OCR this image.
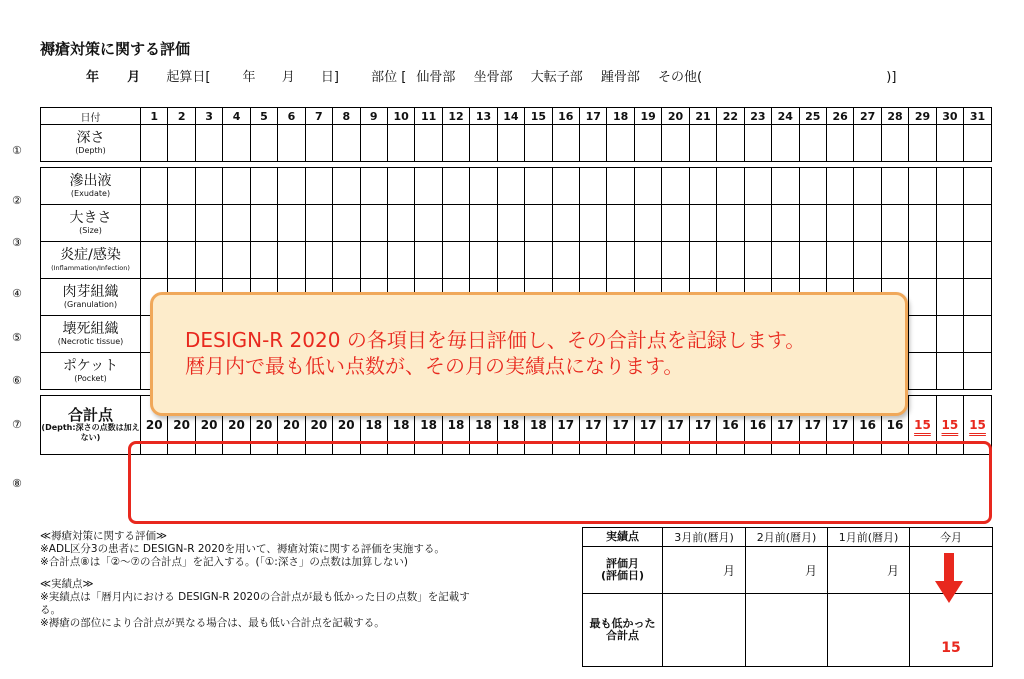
褥瘡対策に関する評価
年 月 起算日[ 年 月 日] 部位 [ 仙骨部 坐骨部 大転子部 踵骨部 その他(	)]
①
②
③
④
⑤
⑥
⑦
⑧
日付	1	2	3	4	5	6	7	8	9	10	11	12	13	14	15	16	17	18	19	20	21	22	23	24	25	26	27	28	29	30	31

深さ
(Depth)																															

滲出液
(Exudate)																															

大きさ
(Size)																															

炎症/感染
(Inflammation/Infection)																															

肉芽組織
(Granulation)																															

壊死組織
(Necrotic tissue)																															

ポケット
(Pocket)																															

合計点
(Depth:深さの点数は加えない)	20	20	20	20	20	20	20	20	18	18	18	18	18	18	18	17	17	17	17	17	17	16	16	17	17	17	16	16	15	15	15
DESIGN-R 2020 の各項目を毎日評価し、その合計点を記録します。
暦月内で最も低い点数が、その月の実績点になります。

≪褥瘡対策に関する評価≫
※ADL区分3の患者に DESIGN-R 2020を用いて、褥瘡対策に関する評価を実施する。
※合計点⑧は「②〜⑦の合計点」を記入する。(「①:深さ」の点数は加算しない)

≪実績点≫
※実績点は「暦月内における DESIGN-R 2020の合計点が最も低かった日の点数」を記載する。
※褥瘡の部位により合計点が異なる場合は、最も低い合計点を記載する。

実績点	3月前(暦月)	2月前(暦月)	1月前(暦月)	今月
評価月
(評価日)	月	月	月	
最も低かった
合計点				15
